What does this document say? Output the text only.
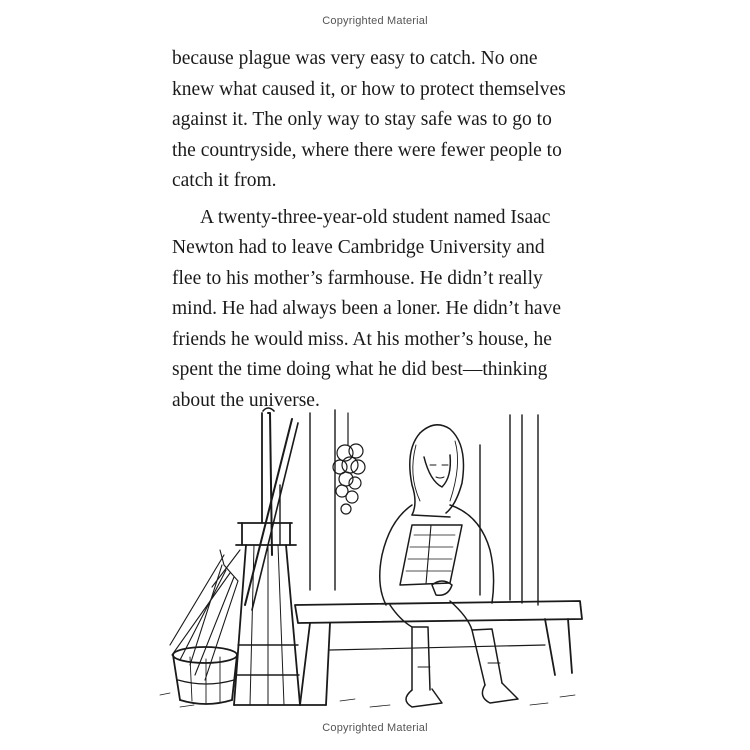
Copyrighted Material

because plague was very easy to catch. No one
knew what caused it, or how to protect themselves
against it. The only way to stay safe was to go to
the countryside, where there were fewer people to
catch it from.

A twenty-three-year-old student named Isaac
Newton had to leave Cambridge University and
flee to his mother’s farmhouse. He didn’t really
mind. He had always been a loner. He didn’t have
friends he would miss. At his mother’s house, he
spent the time doing what he did best—thinking
about the universe.

Copyrighted Material
